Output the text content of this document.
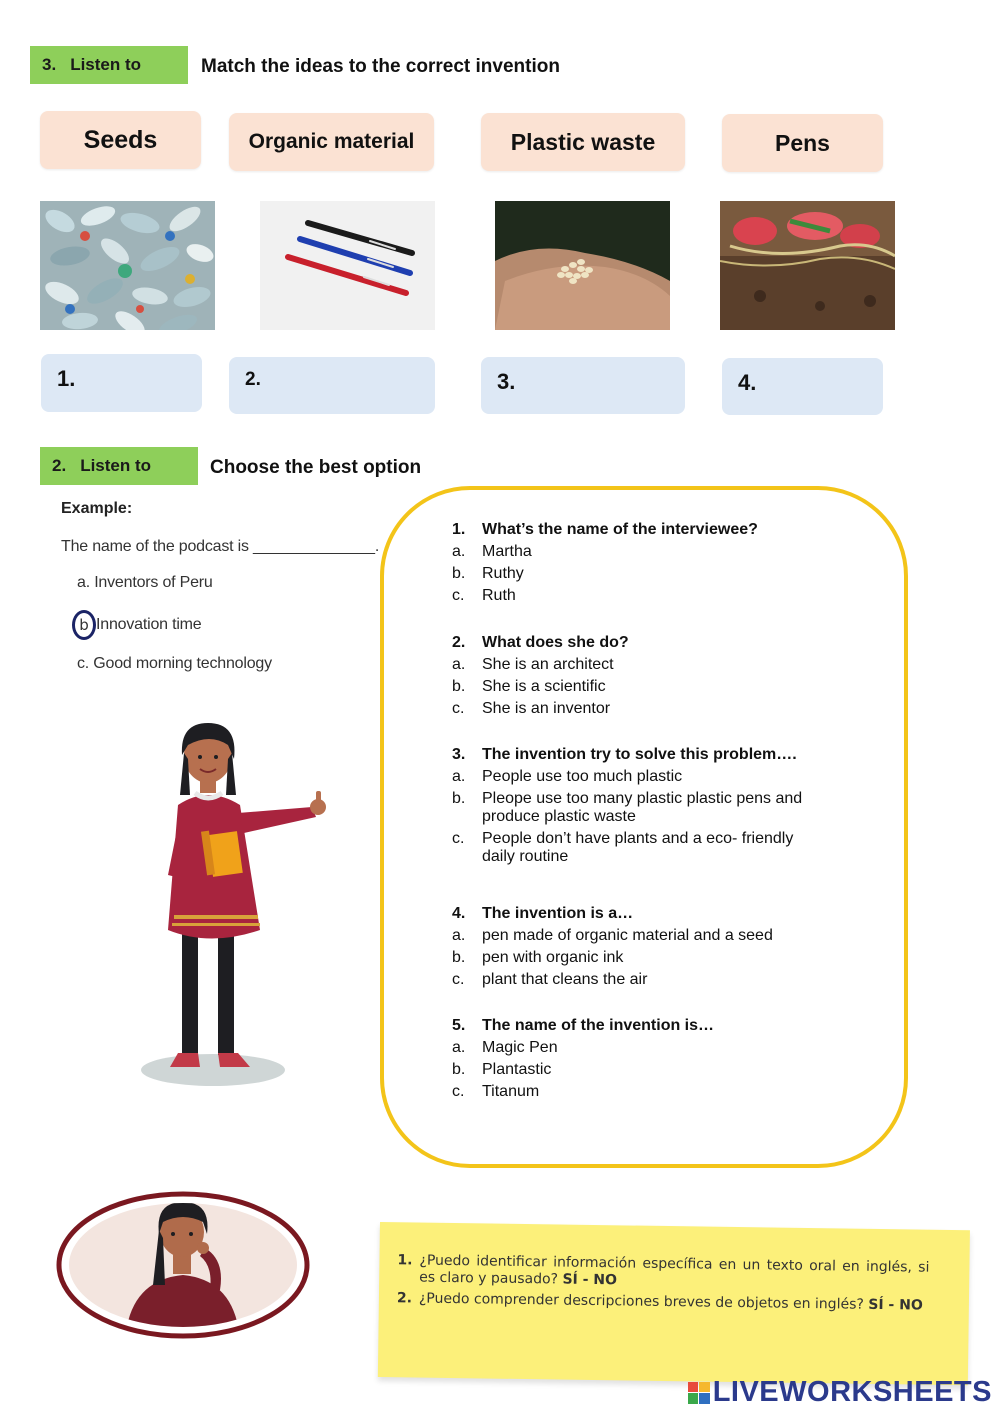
3. Listen to	Match the ideas to the correct invention
Seeds	Organic material	Plastic waste	Pens
1.	2.	3.	4.
2. Listen to	Choose the best option
Example:
The name of the podcast is ______________.
a. Inventors of Peru
b Innovation time
c. Good morning technology
1.	What’s the name of the interviewee?
a.	Martha
b.	Ruthy
c.	Ruth
2.	What does she do?
a.	She is an architect
b.	She is a scientific
c.	She is an inventor
3.	The invention try to solve this problem….
a.	People use too much plastic
b.	Pleope use too many plastic plastic pens and produce plastic waste
c.	People don’t have plants and a eco- friendly daily routine
4.	The invention is a…
a.	pen made of organic material and a seed
b.	pen with organic ink
c.	plant that cleans the air
5.	The name of the invention is…
a.	Magic Pen
b.	Plantastic
c.	Titanum
1. ¿Puedo identificar información específica en un texto oral en inglés, si es claro y pausado? SÍ - NO
2. ¿Puedo comprender descripciones breves de objetos en inglés? SÍ - NO
LIVEWORKSHEETS
